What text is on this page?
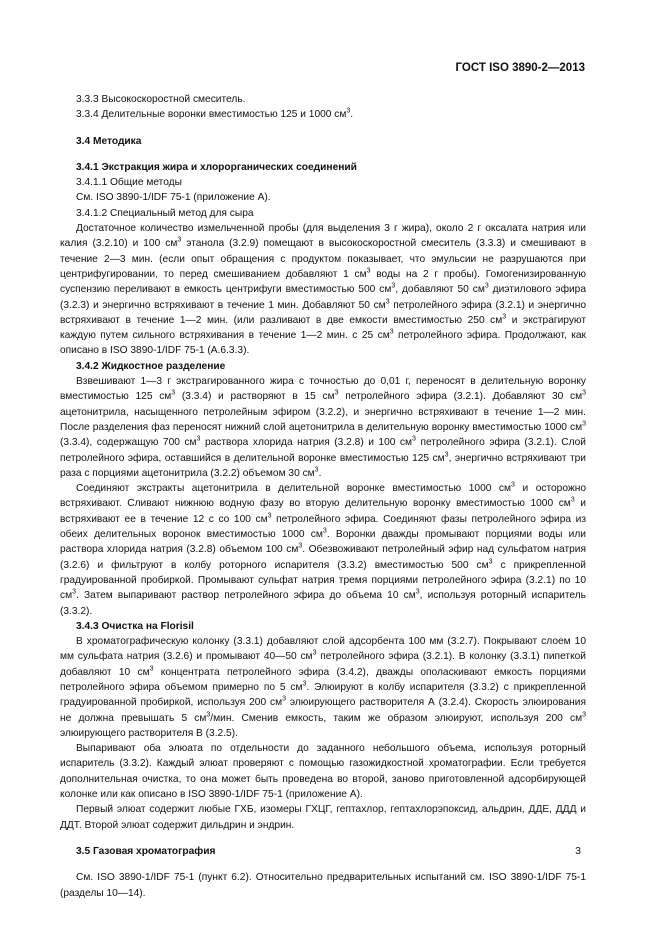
ГОСТ ISO 3890-2—2013

3.3.3 Высокоскоростной смеситель.

3.3.4 Делительные воронки вместимостью 125 и 1000 $см^3$.

3.4 Методика

3.4.1 Экстракция жира и хлорорганических соединений

3.4.1.1 Общие методы

См. ISO 3890-1/IDF 75-1 (приложение А).

3.4.1.2 Специальный метод для сыра

Достаточное количество измельченной пробы (для выделения 3 г жира), около 2 г оксалата натрия или калия (3.2.10) и 100 $см^3$ этанола (3.2.9) помещают в высокоскоростной смеситель (3.3.3) и смешивают в течение 2—3 мин. (если опыт обращения с продуктом показывает, что эмульсии не разрушаются при центрифугировании, то перед смешиванием добавляют 1 $см^3$ воды на 2 г пробы). Гомогенизированную суспензию переливают в емкость центрифуги вместимостью 500 $см^3$, добавляют 50 $см^3$ диэтилового эфира (3.2.3) и энергично встряхивают в течение 1 мин. Добавляют 50 $см^3$ петролейного эфира (3.2.1) и энергично встряхивают в течение 1—2 мин. (или разливают в две емкости вместимостью 250 $см^3$ и экстрагируют каждую путем сильного встряхивания в течение 1—2 мин. с 25 $см^3$ петролейного эфира. Продолжают, как описано в ISO 3890-1/IDF 75-1 (А.6.3.3).

3.4.2 Жидкостное разделение

Взвешивают 1—3 г экстрагированного жира с точностью до 0,01 г, переносят в делительную воронку вместимостью 125 $см^3$ (3.3.4) и растворяют в 15 $см^3$ петролейного эфира (3.2.1). Добавляют 30 $см^3$ ацетонитрила, насыщенного петролейным эфиром (3.2.2), и энергично встряхивают в течение 1—2 мин. После разделения фаз переносят нижний слой ацетонитрила в делительную воронку вместимостью 1000 $см^3$ (3.3.4), содержащую 700 $см^3$ раствора хлорида натрия (3.2.8) и 100 $см^3$ петролейного эфира (3.2.1). Слой петролейного эфира, оставшийся в делительной воронке вместимостью 125 $см^3$, энергично встряхивают три раза с порциями ацетонитрила (3.2.2) объемом 30 $см^3$.

Соединяют экстракты ацетонитрила в делительной воронке вместимостью 1000 $см^3$ и осторожно встряхивают. Сливают нижнюю водную фазу во вторую делительную воронку вместимостью 1000 $см^3$ и встряхивают ее в течение 12 с со 100 $см^3$ петролейного эфира. Соединяют фазы петролейного эфира из обеих делительных воронок вместимостью 1000 $см^3$. Воронки дважды промывают порциями воды или раствора хлорида натрия (3.2.8) объемом 100 $см^3$. Обезвоживают петролейный эфир над сульфатом натрия (3.2.6) и фильтруют в колбу роторного испарителя (3.3.2) вместимостью 500 $см^3$ с прикрепленной градуированной пробиркой. Промывают сульфат натрия тремя порциями петролейного эфира (3.2.1) по 10 $см^3$. Затем выпаривают раствор петролейного эфира до объема 10 $см^3$, используя роторный испаритель (3.3.2).

3.4.3 Очистка на Florisil

В хроматографическую колонку (3.3.1) добавляют слой адсорбента 100 мм (3.2.7). Покрывают слоем 10 мм сульфата натрия (3.2.6) и промывают 40—50 $см^3$ петролейного эфира (3.2.1). В колонку (3.3.1) пипеткой добавляют 10 $см^3$ концентрата петролейного эфира (3.4.2), дважды ополаскивают емкость порциями петролейного эфира объемом примерно по 5 $см^3$. Элюируют в колбу испарителя (3.3.2) с прикрепленной градуированной пробиркой, используя 200 $см^3$ элюирующего растворителя А (3.2.4). Скорость элюирования не должна превышать 5 $см^3$/мин. Сменив емкость, таким же образом элюируют, используя 200 $см^3$ элюирующего растворителя В (3.2.5).

Выпаривают оба элюата по отдельности до заданного небольшого объема, используя роторный испаритель (3.3.2). Каждый элюат проверяют с помощью газожидкостной хроматографии. Если требуется дополнительная очистка, то она может быть проведена во второй, заново приготовленной адсорбирующей колонке или как описано в ISO 3890-1/IDF 75-1 (приложение А).

Первый элюат содержит любые ГХБ, изомеры ГХЦГ, гептахлор, гептахлорэпоксид, альдрин, ДДЕ, ДДД и ДДТ. Второй элюат содержит дильдрин и эндрин.

3.5 Газовая хроматография

См. ISO 3890-1/IDF 75-1 (пункт 6.2). Относительно предварительных испытаний см. ISO 3890-1/IDF 75-1 (разделы 10—14).

3
